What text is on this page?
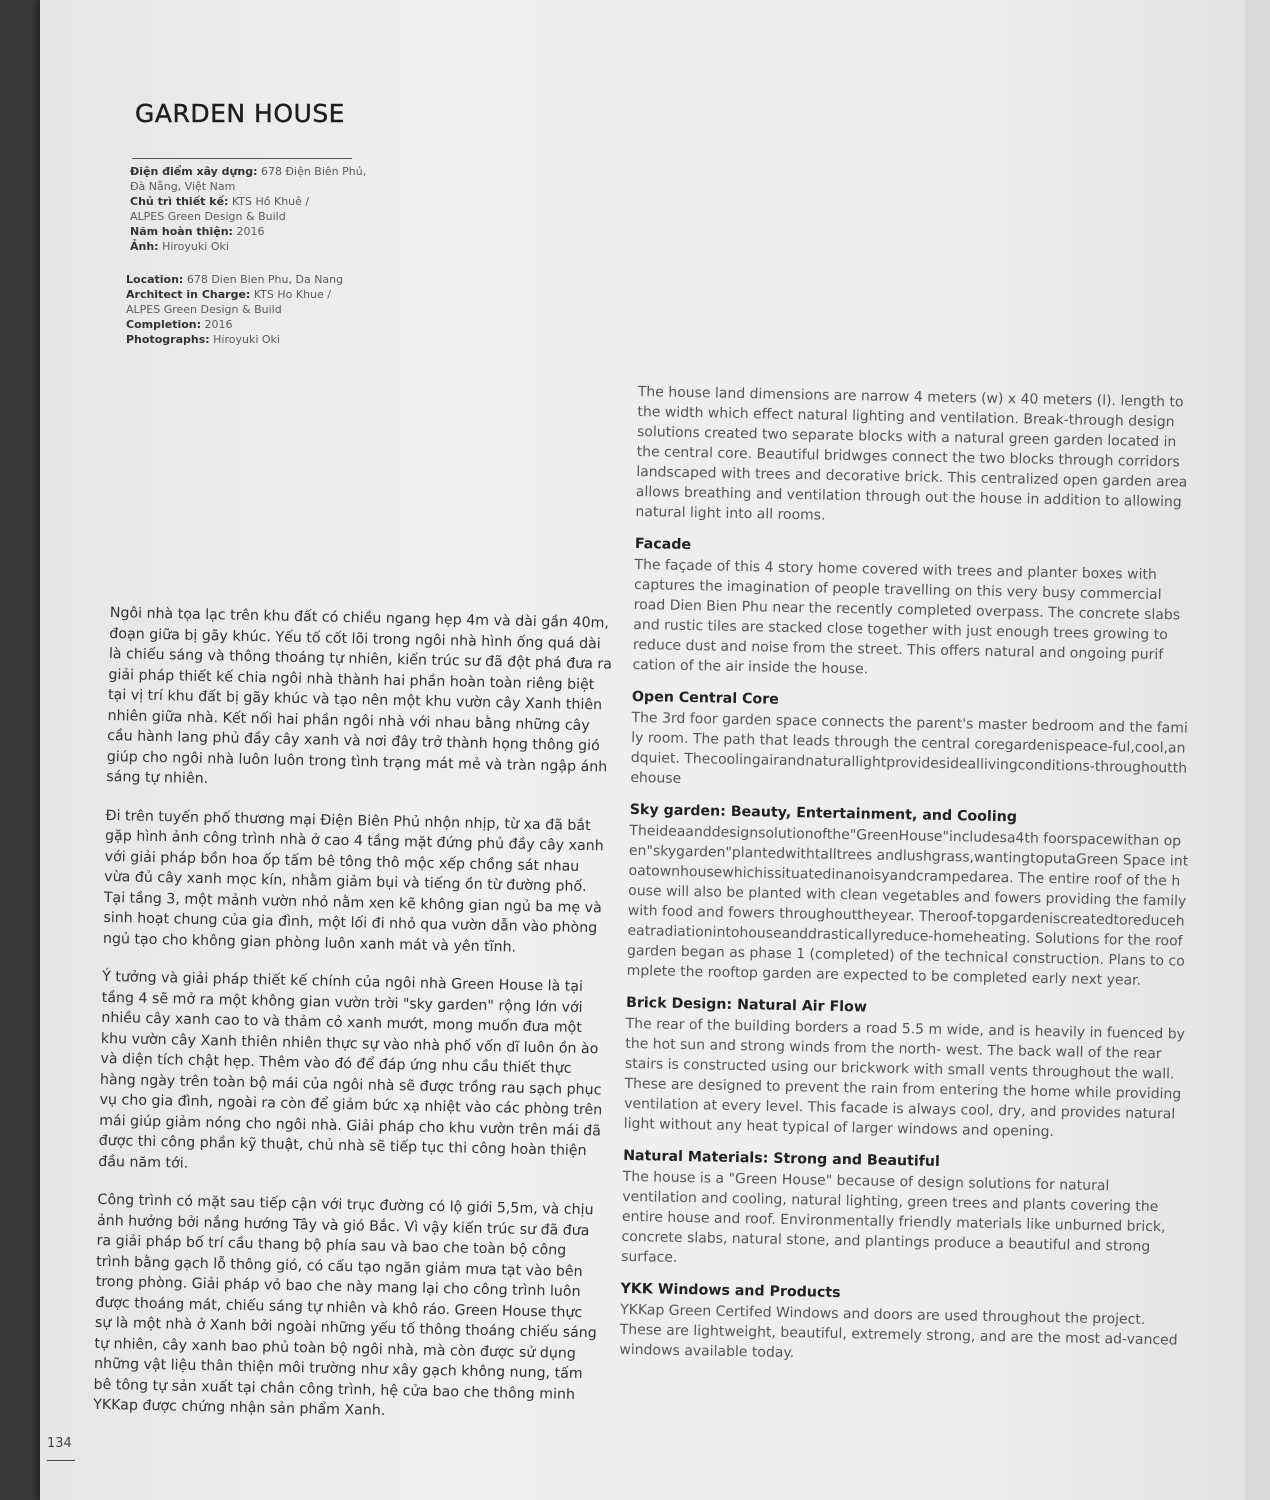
GARDEN HOUSE
Điện điểm xây dựng: 678 Điện Biên Phủ,
Đà Nẵng, Việt Nam
Chủ trì thiết kế: KTS Hồ Khuê /
ALPES Green Design & Build
Năm hoàn thiện: 2016
Ảnh: Hiroyuki Oki
Location: 678 Dien Bien Phu, Da Nang
Architect in Charge: KTS Ho Khue /
ALPES Green Design & Build
Completion: 2016
Photographs: Hiroyuki Oki

Ngôi nhà tọa lạc trên khu đất có chiều ngang hẹp 4m và dài gần 40m, đoạn giữa bị gãy khúc. Yếu tố cốt lõi trong ngôi nhà hình ống quá dài là chiếu sáng và thông thoáng tự nhiên, kiến trúc sư đã đột phá đưa ra giải pháp thiết kế chia ngôi nhà thành hai phần hoàn toàn riêng biệt tại vị trí khu đất bị gãy khúc và tạo nên một khu vườn cây Xanh thiên nhiên giữa nhà. Kết nối hai phần ngôi nhà với nhau bằng những cây cầu hành lang phủ đầy cây xanh và nơi đây trở thành họng thông gió giúp cho ngôi nhà luôn luôn trong tình trạng mát mẻ và tràn ngập ánh sáng tự nhiên.

Đi trên tuyến phố thương mại Điện Biên Phủ nhộn nhịp, từ xa đã bắt gặp hình ảnh công trình nhà ở cao 4 tầng mặt đứng phủ đầy cây xanh với giải pháp bồn hoa ốp tấm bê tông thô mộc xếp chồng sát nhau vừa đủ cây xanh mọc kín, nhằm giảm bụi và tiếng ồn từ đường phố. Tại tầng 3, một mảnh vườn nhỏ nằm xen kẽ không gian ngủ ba mẹ và sinh hoạt chung của gia đình, một lối đi nhỏ qua vườn dẫn vào phòng ngủ tạo cho không gian phòng luôn xanh mát và yên tĩnh.

Ý tưởng và giải pháp thiết kế chính của ngôi nhà Green House là tại tầng 4 sẽ mở ra một không gian vườn trời "sky garden" rộng lớn với nhiều cây xanh cao to và thảm cỏ xanh mướt, mong muốn đưa một khu vườn cây Xanh thiên nhiên thực sự vào nhà phố vốn dĩ luôn ồn ào và diện tích chật hẹp. Thêm vào đó để đáp ứng nhu cầu thiết thực hàng ngày trên toàn bộ mái của ngôi nhà sẽ được trồng rau sạch phục vụ cho gia đình, ngoài ra còn để giảm bức xạ nhiệt vào các phòng trên mái giúp giảm nóng cho ngôi nhà. Giải pháp cho khu vườn trên mái đã được thi công phần kỹ thuật, chủ nhà sẽ tiếp tục thi công hoàn thiện đầu năm tới.

Công trình có mặt sau tiếp cận với trục đường có lộ giới 5,5m, và chịu ảnh hưởng bởi nắng hướng Tây và gió Bắc. Vì vậy kiến trúc sư đã đưa ra giải pháp bố trí cầu thang bộ phía sau và bao che toàn bộ công trình bằng gạch lỗ thông gió, có cấu tạo ngăn giảm mưa tạt vào bên trong phòng. Giải pháp vỏ bao che này mang lại cho công trình luôn được thoáng mát, chiếu sáng tự nhiên và khô ráo. Green House thực sự là một nhà ở Xanh bởi ngoài những yếu tố thông thoáng chiếu sáng tự nhiên, cây xanh bao phủ toàn bộ ngôi nhà, mà còn được sử dụng những vật liệu thân thiện môi trường như xây gạch không nung, tấm bê tông tự sản xuất tại chân công trình, hệ cửa bao che thông minh YKKap được chứng nhận sản phẩm Xanh.

The house land dimensions are narrow 4 meters (w) x 40 meters (l). length to the width which effect natural lighting and ventilation. Break-through design solutions created two separate blocks with a natural green garden located in the central core. Beautiful bridwges connect the two blocks through corridors landscaped with trees and decorative brick. This centralized open garden area allows breathing and ventilation through out the house in addition to allowing natural light into all rooms.

Facade

The façade of this 4 story home covered with trees and planter boxes with captures the imagination of people travelling on this very busy commercial road Dien Bien Phu near the recently completed overpass. The concrete slabs and rustic tiles are stacked close together with just enough trees growing to reduce dust and noise from the street. This offers natural and ongoing purif cation of the air inside the house.

Open Central Core

The 3rd foor garden space connects the parent's master bedroom and the family room. The path that leads through the central coregardenispeace-ful,cool,andquiet. Thecoolingairandnaturallightprovidesideallivingconditions-throughoutthehouse

Sky garden: Beauty, Entertainment, and Cooling

Theideaanddesignsolutionofthe"GreenHouse"includesa4th foorspacewithan open"skygarden"plantedwithtalltrees andlushgrass,wantingtoputaGreen Space intoatownhousewhichissituatedinanoisyandcrampedarea. The entire roof of the house will also be planted with clean vegetables and fowers providing the family with food and fowers throughouttheyear. Theroof-topgardeniscreatedtoreduceheatradiationintohouseanddrasticallyreduce-homeheating. Solutions for the roof garden began as phase 1 (completed) of the technical construction. Plans to complete the rooftop garden are expected to be completed early next year.

Brick Design: Natural Air Flow

The rear of the building borders a road 5.5 m wide, and is heavily in fuenced by the hot sun and strong winds from the north- west. The back wall of the rear stairs is constructed using our brickwork with small vents throughout the wall. These are designed to prevent the rain from entering the home while providing ventilation at every level. This facade is always cool, dry, and provides natural light without any heat typical of larger windows and opening.

Natural Materials: Strong and Beautiful

The house is a "Green House" because of design solutions for natural ventilation and cooling, natural lighting, green trees and plants covering the entire house and roof. Environmentally friendly materials like unburned brick, concrete slabs, natural stone, and plantings produce a beautiful and strong surface.

YKK Windows and Products

YKKap Green Certifed Windows and doors are used throughout the project. These are lightweight, beautiful, extremely strong, and are the most ad-vanced windows available today.

134
